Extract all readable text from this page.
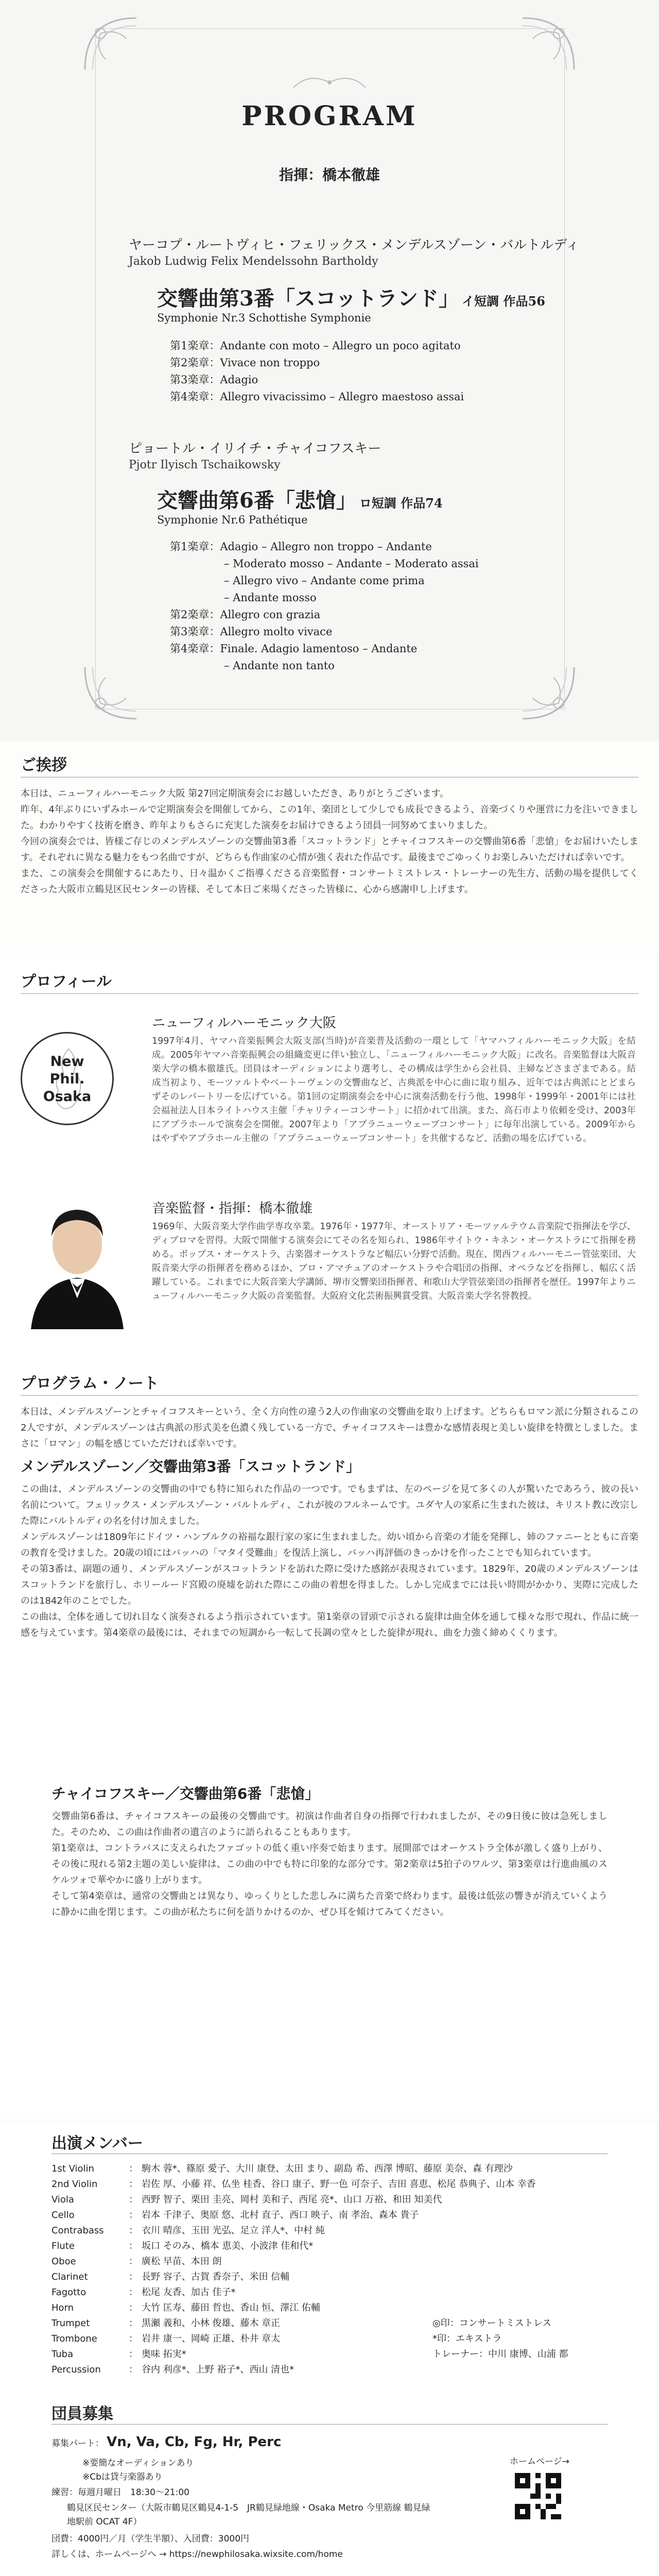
PROGRAM
指揮：橋本徹雄
ヤーコプ・ルートヴィヒ・フェリックス・メンデルスゾーン・バルトルディ
Jakob Ludwig Felix Mendelssohn Bartholdy
交響曲第3番「スコットランド」 イ短調 作品56
Symphonie Nr.3 Schottishe Symphonie
第1楽章：Andante con moto – Allegro un poco agitato
第2楽章：Vivace non troppo
第3楽章：Adagio
第4楽章：Allegro vivacissimo – Allegro maestoso assai
ピョートル・イリイチ・チャイコフスキー
Pjotr Ilyisch Tschaikowsky
交響曲第6番「悲愴」 ロ短調 作品74
Symphonie Nr.6 Pathétique
第1楽章：Adagio – Allegro non troppo – Andante
　　　　　– Moderato mosso – Andante – Moderato assai
　　　　　– Allegro vivo – Andante come prima
　　　　　– Andante mosso
第2楽章：Allegro con grazia
第3楽章：Allegro molto vivace
第4楽章：Finale. Adagio lamentoso – Andante
　　　　　– Andante non tanto
ご挨拶
本日は、ニューフィルハーモニック大阪 第27回定期演奏会にお越しいただき、ありがとうございます。
昨年、4年ぶりにいずみホールで定期演奏会を開催してから、この1年、楽団として少しでも成長できるよう、音楽づくりや運営に力を注いできました。わかりやすく技術を磨き、昨年よりもさらに充実した演奏をお届けできるよう団員一同努めてまいりました。
今回の演奏会では、皆様ご存じのメンデルスゾーンの交響曲第3番「スコットランド」とチャイコフスキーの交響曲第6番「悲愴」をお届けいたします。それぞれに異なる魅力をもつ名曲ですが、どちらも作曲家の心情が強く表れた作品です。最後までごゆっくりお楽しみいただければ幸いです。
また、この演奏会を開催するにあたり、日々温かくご指導くださる音楽監督・コンサートミストレス・トレーナーの先生方、活動の場を提供してくださった大阪市立鶴見区民センターの皆様、そして本日ご来場くださった皆様に、心から感謝申し上げます。
プロフィール
ニューフィルハーモニック大阪
1997年4月、ヤマハ音楽振興会大阪支部(当時)が音楽普及活動の一環として「ヤマハフィルハーモニック大阪」を結成。2005年ヤマハ音楽振興会の組織変更に伴い独立し、「ニューフィルハーモニック大阪」に改名。音楽監督は大阪音楽大学の橋本徹雄氏。団員はオーディションにより選考し、その構成は学生から会社員、主婦などさまざまである。結成当初より、モーツァルトやベートーヴェンの交響曲など、古典派を中心に曲に取り組み、近年では古典派にとどまらずそのレパートリーを広げている。第1回の定期演奏会を中心に演奏活動を行う他、1998年・1999年・2001年には社会福祉法人日本ライトハウス主催「チャリティーコンサート」に招かれて出演。また、高石市より依頼を受け、2003年にアプラホールで演奏会を開催。2007年より「アプラニューウェーブコンサート」に毎年出演している。2009年からはやずやアプラホール主催の「アプラニューウェーブコンサート」を共催するなど、活動の場を広げている。
音楽監督・指揮：橋本徹雄
1969年、大阪音楽大学作曲学専攻卒業。1976年・1977年、オーストリア・モーツァルテウム音楽院で指揮法を学び、ディプロマを習得。大阪で開催する演奏会にてその名を知られ、1986年サイトウ・キネン・オーケストラにて指揮を務める。ポップス・オーケストラ、古楽器オーケストラなど幅広い分野で活動。現在、関西フィルハーモニー管弦楽団、大阪音楽大学の指揮者を務めるほか、ブロ・アマチュアのオーケストラや合唱団の指揮、オペラなどを指揮し、幅広く活躍している。これまでに大阪音楽大学講師、堺市交響楽団指揮者、和歌山大学管弦楽団の指揮者を歴任。1997年よりニューフィルハーモニック大阪の音楽監督。大阪府文化芸術振興賞受賞。大阪音楽大学名誉教授。
New
Phil.
Osaka
プログラム・ノート
本日は、メンデルスゾーンとチャイコフスキーという、全く方向性の違う2人の作曲家の交響曲を取り上げます。どちらもロマン派に分類されるこの2人ですが、メンデルスゾーンは古典派の形式美を色濃く残している一方で、チャイコフスキーは豊かな感情表現と美しい旋律を特徴としました。まさに「ロマン」の幅を感じていただければ幸いです。
メンデルスゾーン／交響曲第3番「スコットランド」
この曲は、メンデルスゾーンの交響曲の中でも特に知られた作品の一つです。でもまずは、左のページを見て多くの人が驚いたであろう、彼の長い名前について。フェリックス・メンデルスゾーン・バルトルディ、これが彼のフルネームです。ユダヤ人の家系に生まれた彼は、キリスト教に改宗した際にバルトルディの名を付け加えました。
メンデルスゾーンは1809年にドイツ・ハンブルクの裕福な銀行家の家に生まれました。幼い頃から音楽の才能を発揮し、姉のファニーとともに音楽の教育を受けました。20歳の頃にはバッハの「マタイ受難曲」を復活上演し、バッハ再評価のきっかけを作ったことでも知られています。
その第3番は、副題の通り、メンデルスゾーンがスコットランドを訪れた際に受けた感銘が表現されています。1829年、20歳のメンデルスゾーンはスコットランドを旅行し、ホリールード宮殿の廃墟を訪れた際にこの曲の着想を得ました。しかし完成までには長い時間がかかり、実際に完成したのは1842年のことでした。
この曲は、全体を通して切れ目なく演奏されるよう指示されています。第1楽章の冒頭で示される旋律は曲全体を通して様々な形で現れ、作品に統一感を与えています。第4楽章の最後には、それまでの短調から一転して長調の堂々とした旋律が現れ、曲を力強く締めくくります。
チャイコフスキー／交響曲第6番「悲愴」
交響曲第6番は、チャイコフスキーの最後の交響曲です。初演は作曲者自身の指揮で行われましたが、その9日後に彼は急死しました。そのため、この曲は作曲者の遺言のように語られることもあります。
第1楽章は、コントラバスに支えられたファゴットの低く重い序奏で始まります。展開部ではオーケストラ全体が激しく盛り上がり、その後に現れる第2主題の美しい旋律は、この曲の中でも特に印象的な部分です。第2楽章は5拍子のワルツ、第3楽章は行進曲風のスケルツォで華やかに盛り上がります。
そして第4楽章は、通常の交響曲とは異なり、ゆっくりとした悲しみに満ちた音楽で終わります。最後は低弦の響きが消えていくように静かに曲を閉じます。この曲が私たちに何を語りかけるのか、ぜひ耳を傾けてみてください。
出演メンバー
1st Violin	： 駒木 蓉*、篠原 愛子、大川 康登、太田 まり、副島 希、西澤 博昭、藤原 美奈、森 有理沙
2nd Violin	： 岩佐 厚、小藤 祥、仏坐 桂香、谷口 康子、野一色 可奈子、吉田 喜恵、松尾 恭典子、山本 幸香
Viola	： 西野 智子、栗田 圭亮、岡村 美和子、西尾 亮*、山口 万裕、和田 知美代
Cello	： 岩本 千津子、奥原 悠、北村 直子、西口 映子、南 孝治、森本 貴子
Contrabass	： 衣川 晴彦、玉田 光弘、足立 洋人*、中村 純
Flute	： 坂口 そのみ、橋本 恵美、小波津 佳和代*
Oboe	： 廣松 早苗、本田 朗
Clarinet	： 長野 容子、古賀 香奈子、米田 信輔
Fagotto	： 松尾 友香、加古 佳子*
Horn	： 大竹 匡寿、藤田 哲也、香山 恒、澤江 佑輔
Trumpet	： 黒瀬 義和、小林 俊雄、藤木 章正
Trombone	： 岩井 康一、岡崎 正雄、朴井 章太
Tuba	： 奥味 拓実*
Percussion	： 谷内 利彦*、上野 裕子*、西山 清也*
◎印：コンサートミストレス
*印：エキストラ
トレーナー：中川 康博、山浦 都
団員募集
募集パート： Vn, Va, Cb, Fg, Hr, Perc
※要簡なオーディションあり
※Cbは貸与楽器あり
練習：毎週月曜日　18:30～21:00
鶴見区民センター（大阪市鶴見区鶴見4-1-5　JR鶴見緑地線・Osaka Metro 今里筋線 鶴見緑地駅前 OCAT 4F）
団費：4000円／月（学生半額）、入団費：3000円
詳しくは、ホームページへ → https://newphilosaka.wixsite.com/home
ホームページ→
